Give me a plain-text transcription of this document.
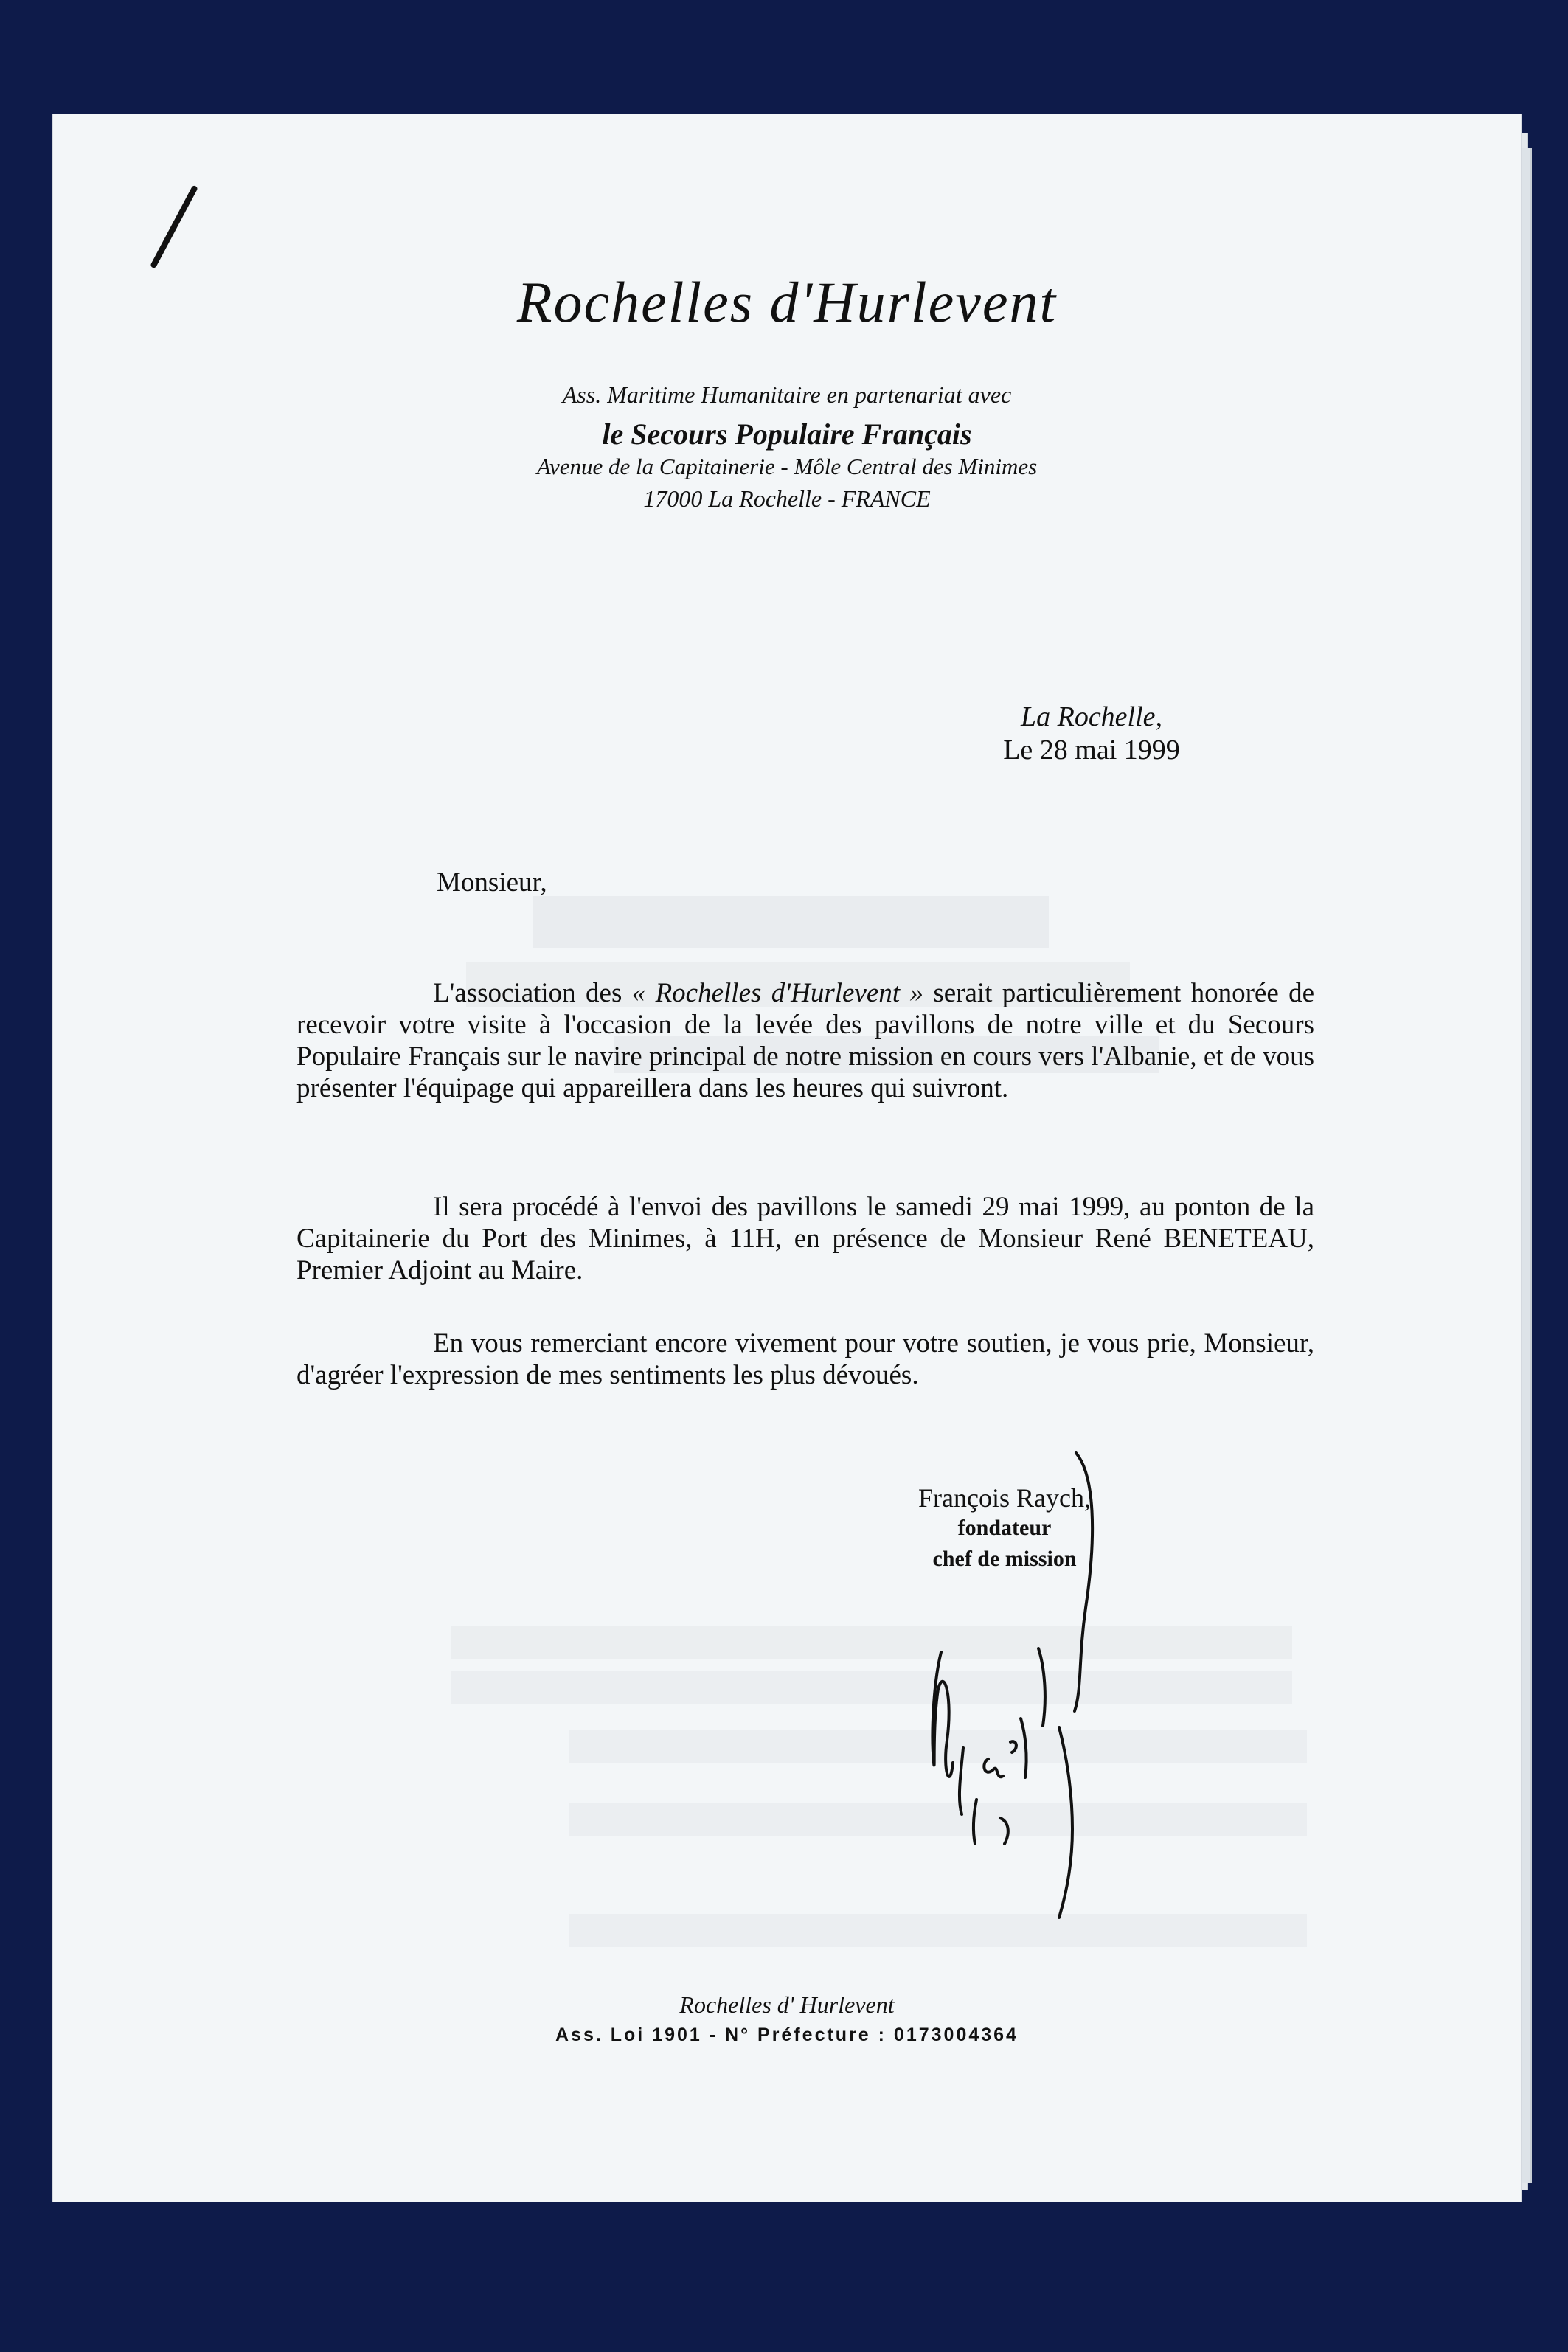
Rochelles d'Hurlevent
Ass. Maritime Humanitaire en partenariat avec
le Secours Populaire Français
Avenue de la Capitainerie - Môle Central des Minimes
17000 La Rochelle - FRANCE
La Rochelle,
Le 28 mai 1999
Monsieur,
L'association des « Rochelles d'Hurlevent » serait particulièrement honorée de recevoir votre visite à l'occasion de la levée des pavillons de notre ville et du Secours Populaire Français sur le navire principal de notre mission en cours vers l'Albanie, et de vous présenter l'équipage qui appareillera dans les heures qui suivront.
Il sera procédé à l'envoi des pavillons le samedi 29 mai 1999, au ponton de la Capitainerie du Port des Minimes, à 11H, en présence de Monsieur René BENETEAU, Premier Adjoint au Maire.
En vous remerciant encore vivement pour votre soutien, je vous prie, Monsieur, d'agréer l'expression de mes sentiments les plus dévoués.
François Raych,
fondateur
chef de mission
Rochelles d' Hurlevent
Ass. Loi 1901 - N° Préfecture : 0173004364
